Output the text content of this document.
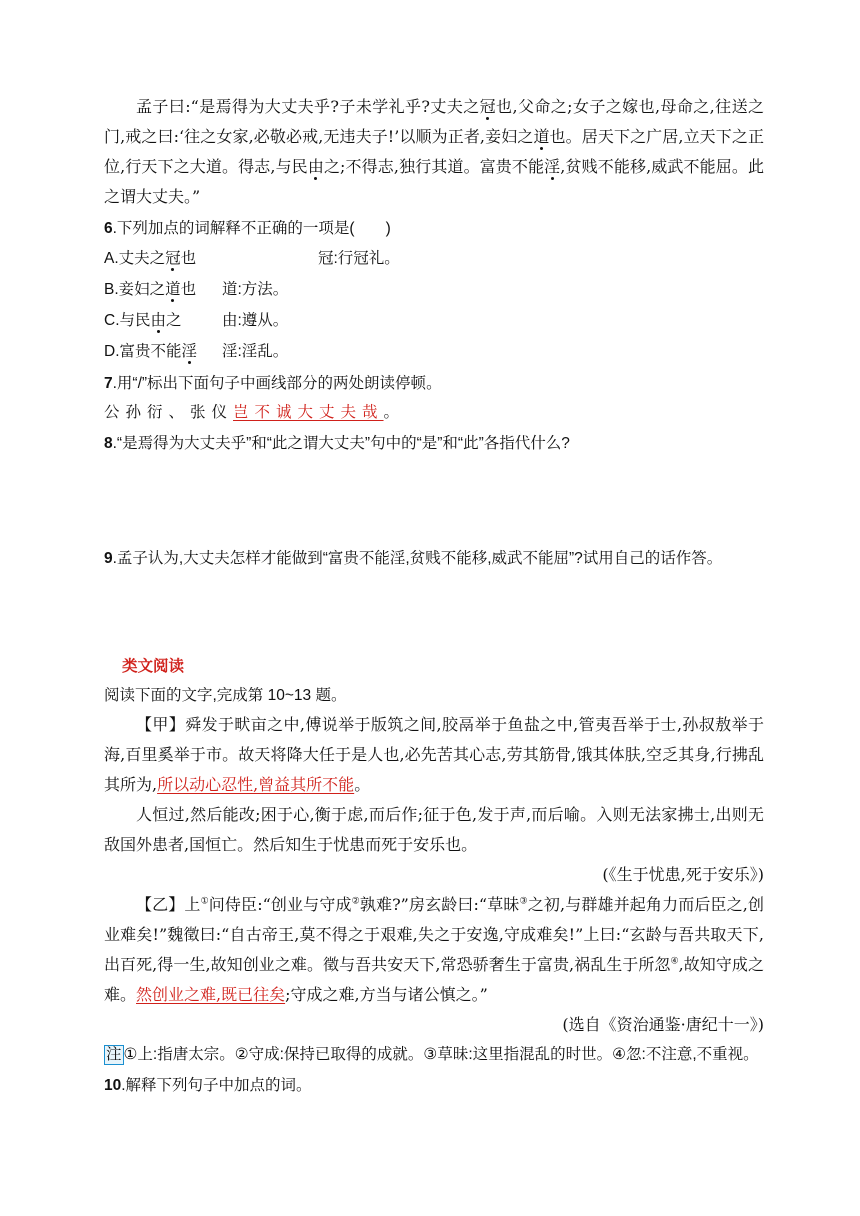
孟子曰:“是焉得为大丈夫乎?子未学礼乎?丈夫之冠也,父命之;女子之嫁也,母命之,往送之门,戒之曰:‘往之女家,必敬必戒,无违夫子!’以顺为正者,妾妇之道也。居天下之广居,立天下之正位,行天下之大道。得志,与民由之;不得志,独行其道。富贵不能淫,贫贱不能移,威武不能屈。此之谓大丈夫。”
6.下列加点的词解释不正确的一项是(　　)
A.丈夫之冠也	冠:行冠礼。
B.妾妇之道也	道:方法。
C.与民由之	由:遵从。
D.富贵不能淫	淫:淫乱。
7.用“/”标出下面句子中画线部分的两处朗读停顿。
公孙衍、张仪岂不诚大丈夫哉。
8.“是焉得为大丈夫乎”和“此之谓大丈夫”句中的“是”和“此”各指代什么?
9.孟子认为,大丈夫怎样才能做到“富贵不能淫,贫贱不能移,威武不能屈”?试用自己的话作答。
类文阅读
阅读下面的文字,完成第 10~13 题。
【甲】舜发于畎亩之中,傅说举于版筑之间,胶鬲举于鱼盐之中,管夷吾举于士,孙叔敖举于海,百里奚举于市。故天将降大任于是人也,必先苦其心志,劳其筋骨,饿其体肤,空乏其身,行拂乱其所为,所以动心忍性,曾益其所不能。
人恒过,然后能改;困于心,衡于虑,而后作;征于色,发于声,而后喻。入则无法家拂士,出则无敌国外患者,国恒亡。然后知生于忧患而死于安乐也。
(《生于忧患,死于安乐》)
【乙】上①问侍臣:“创业与守成②孰难?”房玄龄曰:“草昧③之初,与群雄并起角力而后臣之,创业难矣!”魏徵曰:“自古帝王,莫不得之于艰难,失之于安逸,守成难矣!”上曰:“玄龄与吾共取天下,出百死,得一生,故知创业之难。徵与吾共安天下,常恐骄奢生于富贵,祸乱生于所忽④,故知守成之难。然创业之难,既已往矣;守成之难,方当与诸公慎之。”
(选自《资治通鉴·唐纪十一》)
注 ①上:指唐太宗。②守成:保持已取得的成就。③草昧:这里指混乱的时世。④忽:不注意,不重视。
10.解释下列句子中加点的词。
